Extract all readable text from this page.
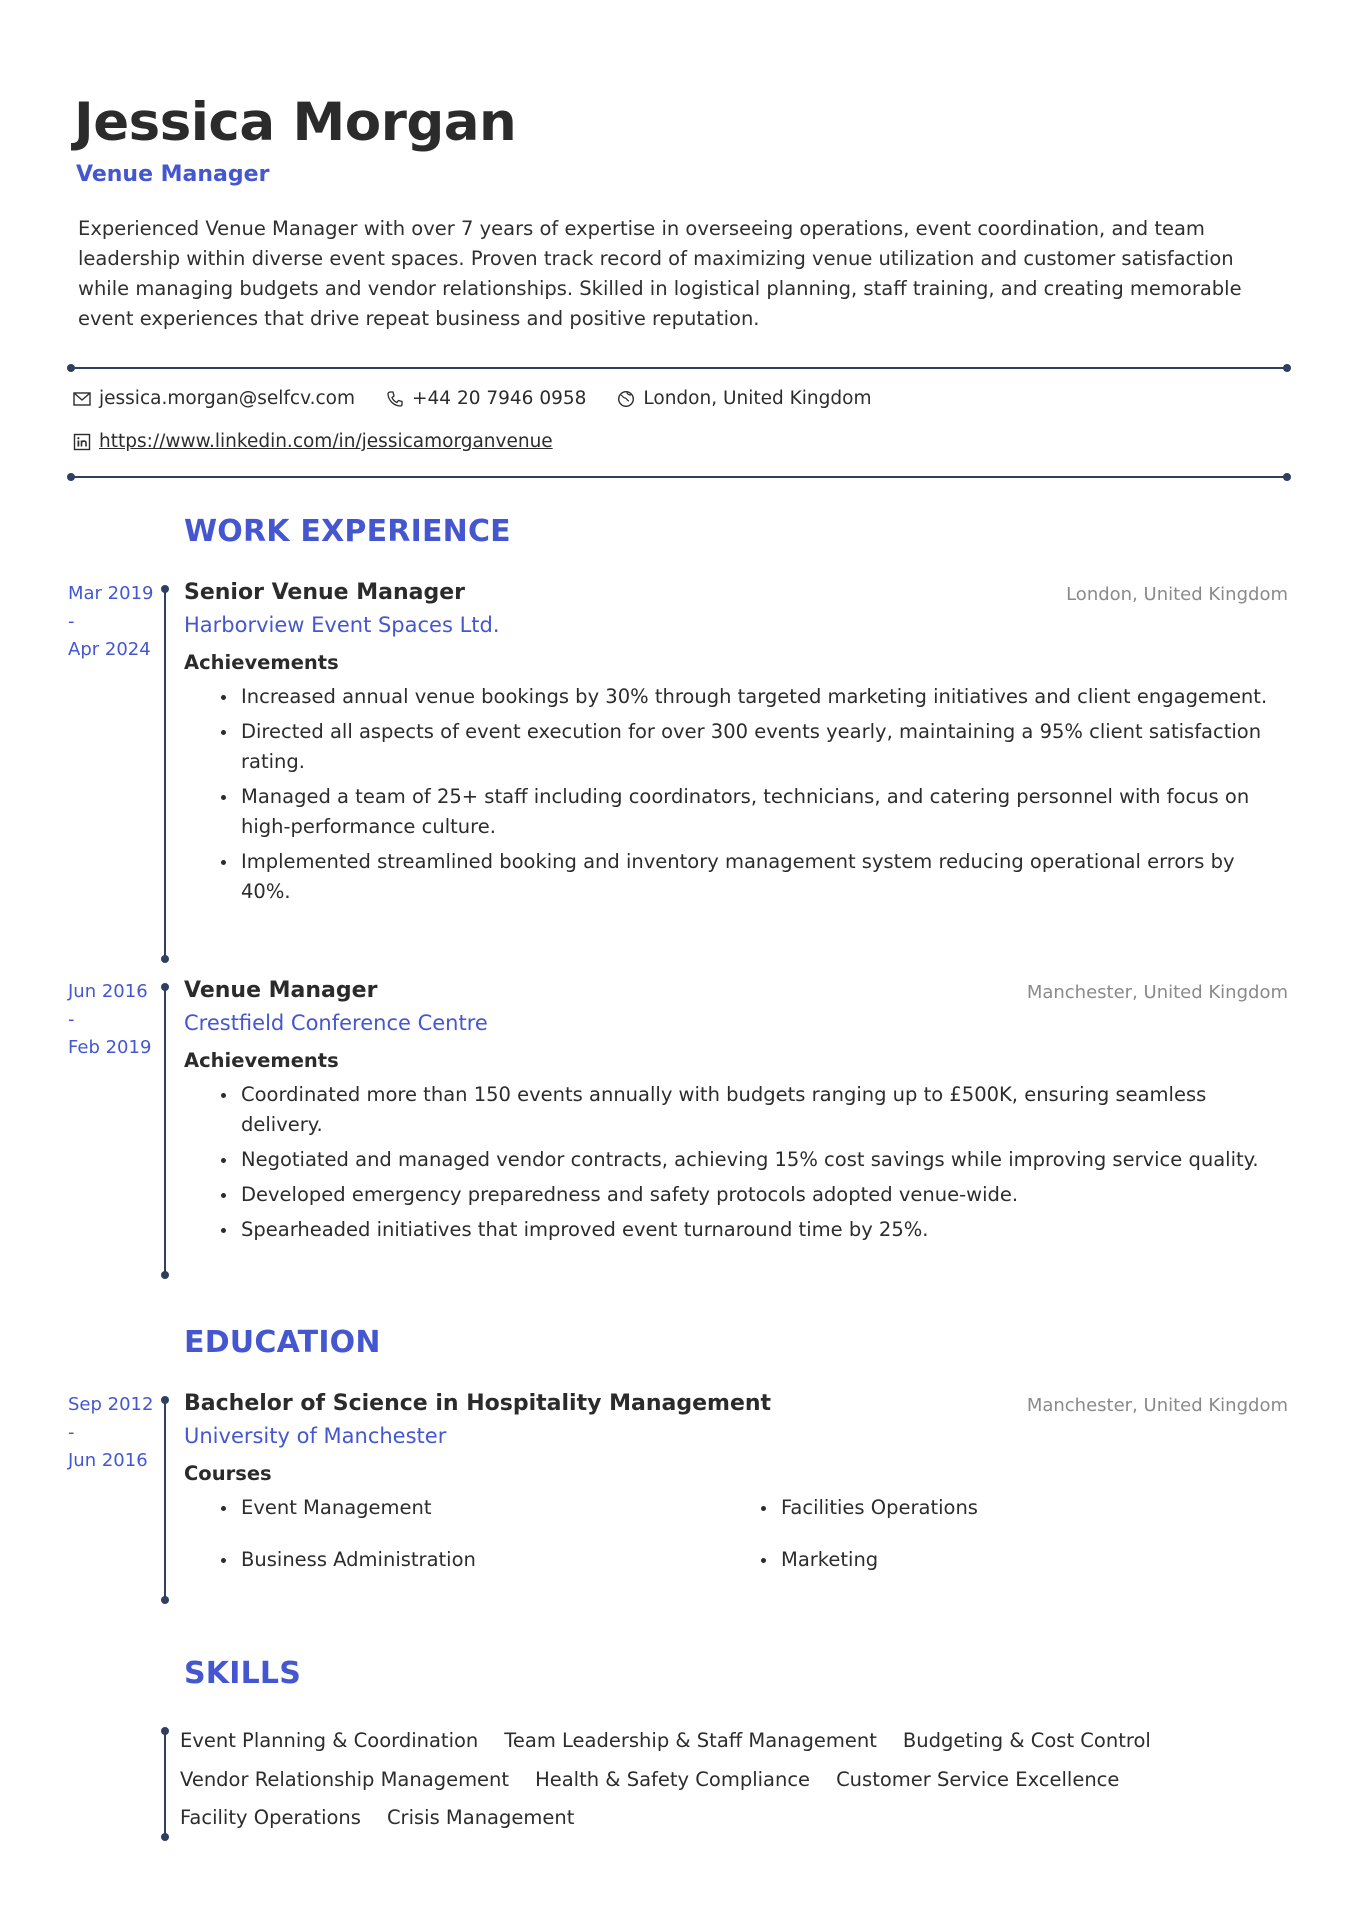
Jessica Morgan
Venue Manager

Experienced Venue Manager with over 7 years of expertise in overseeing operations, event coordination, and team leadership within diverse event spaces. Proven track record of maximizing venue utilization and customer satisfaction while managing budgets and vendor relationships. Skilled in logistical planning, staff training, and creating memorable event experiences that drive repeat business and positive reputation.

jessica.morgan@selfcv.com	+44 20 7946 0958	London, United Kingdom
https://www.linkedin.com/in/jessicamorganvenue
WORK EXPERIENCE
Mar 2019
-
Apr 2024
Senior Venue Manager	London, United Kingdom
Harborview Event Spaces Ltd.
Achievements
Increased annual venue bookings by 30% through targeted marketing initiatives and client engagement.
Directed all aspects of event execution for over 300 events yearly, maintaining a 95% client satisfaction rating.
Managed a team of 25+ staff including coordinators, technicians, and catering personnel with focus on high-performance culture.
Implemented streamlined booking and inventory management system reducing operational errors by 40%.
Jun 2016
-
Feb 2019
Venue Manager	Manchester, United Kingdom
Crestfield Conference Centre
Achievements
Coordinated more than 150 events annually with budgets ranging up to £500K, ensuring seamless delivery.
Negotiated and managed vendor contracts, achieving 15% cost savings while improving service quality.
Developed emergency preparedness and safety protocols adopted venue-wide.
Spearheaded initiatives that improved event turnaround time by 25%.
EDUCATION
Sep 2012
-
Jun 2016
Bachelor of Science in Hospitality Management	Manchester, United Kingdom
University of Manchester
Courses
Event Management	Facilities Operations
Business Administration	Marketing
SKILLS
Event Planning & Coordination Team Leadership & Staff Management Budgeting & Cost Control
Vendor Relationship Management Health & Safety Compliance Customer Service Excellence
Facility Operations Crisis Management
